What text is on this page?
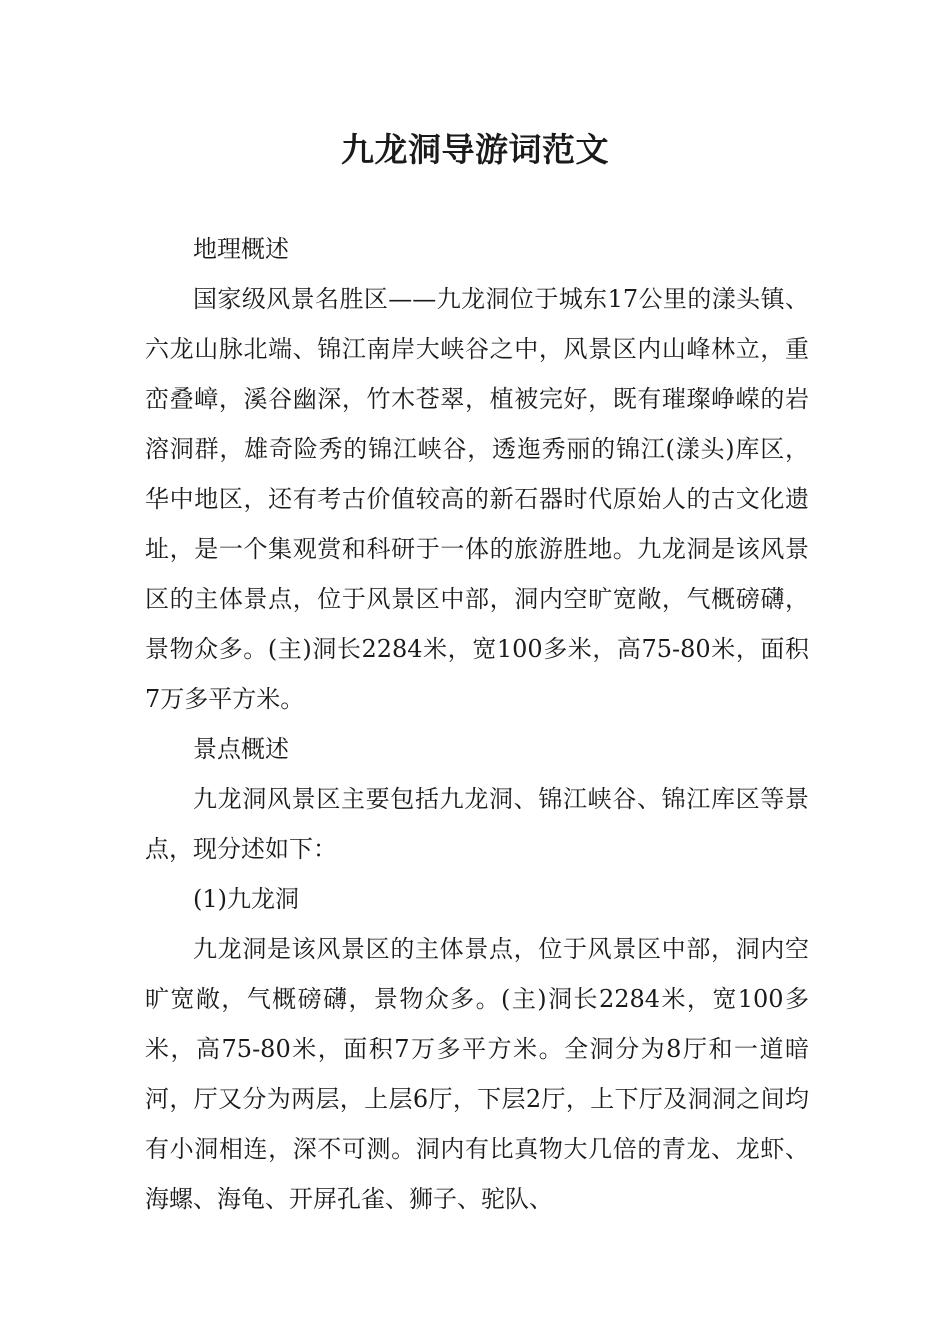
九龙洞导游词范文

地理概述

国家级风景名胜区——九龙洞位于城东17公里的漾头镇、六龙山脉北端、锦江南岸大峡谷之中，风景区内山峰林立，重峦叠嶂，溪谷幽深，竹木苍翠，植被完好，既有璀璨峥嵘的岩溶洞群，雄奇险秀的锦江峡谷，透迤秀丽的锦江(漾头)库区，华中地区，还有考古价值较高的新石器时代原始人的古文化遗址，是一个集观赏和科研于一体的旅游胜地。九龙洞是该风景区的主体景点，位于风景区中部，洞内空旷宽敞，气概磅礴，景物众多。(主)洞长2284米，宽100多米，高75-80米，面积7万多平方米。

景点概述

九龙洞风景区主要包括九龙洞、锦江峡谷、锦江库区等景点，现分述如下：

(1)九龙洞

九龙洞是该风景区的主体景点，位于风景区中部，洞内空旷宽敞，气概磅礴，景物众多。(主)洞长2284米，宽100多米，高75-80米，面积7万多平方米。全洞分为8厅和一道暗河，厅又分为两层，上层6厅，下层2厅，上下厅及洞洞之间均有小洞相连，深不可测。洞内有比真物大几倍的青龙、龙虾、海螺、海龟、开屏孔雀、狮子、驼队、
